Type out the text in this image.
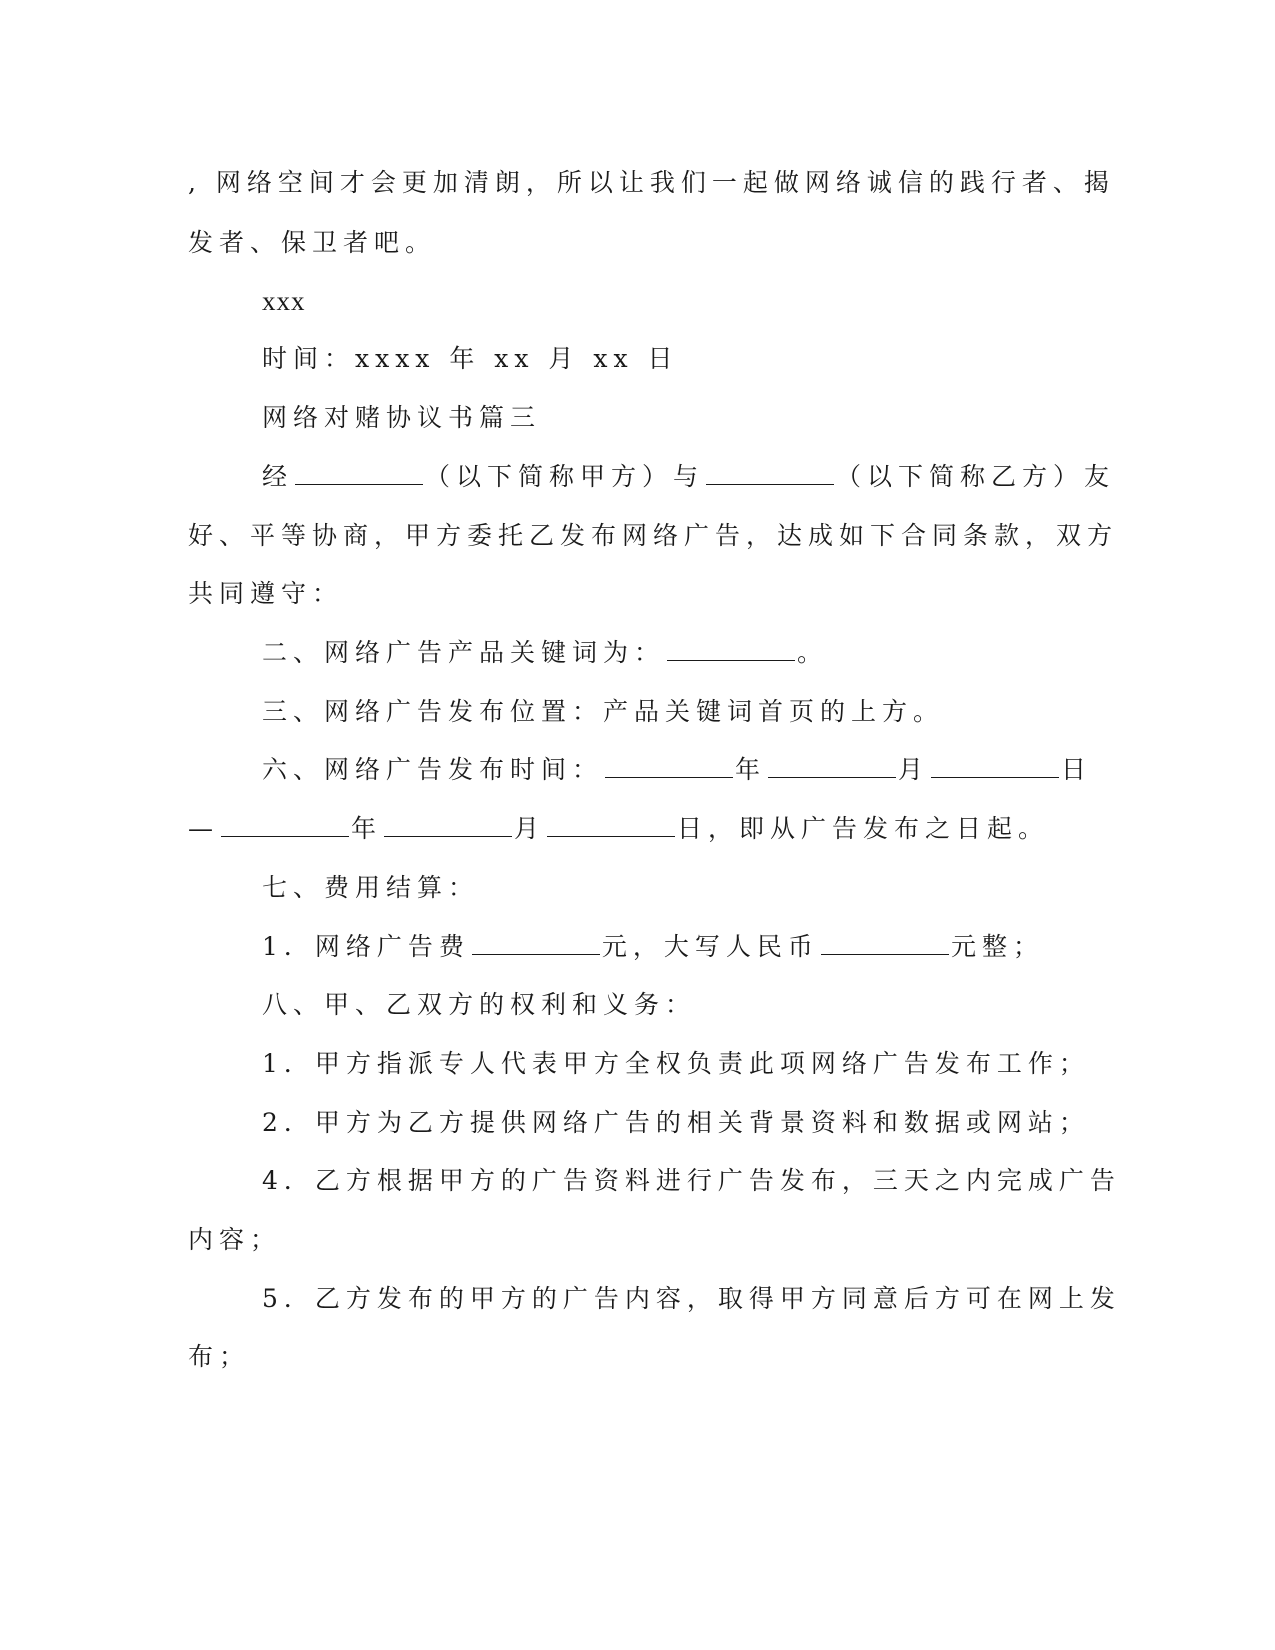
, 网络空间才会更加清朗，所以让我们一起做网络诚信的践行者、揭
发者、保卫者吧。
xxx
时间：xxxx 年 xx 月 xx 日
网络对赌协议书篇三
经	（以下简称甲方）与	（以下简称乙方）友
好、平等协商，甲方委托乙发布网络广告，达成如下合同条款，双方
共同遵守：
二、网络广告产品关键词为：	。
三、网络广告发布位置：产品关键词首页的上方。
六、网络广告发布时间：	年	月	日
—	年	月	日，即从广告发布之日起。
七、费用结算：
1．网络广告费	元，大写人民币	元整；
八、甲、乙双方的权利和义务：
1．甲方指派专人代表甲方全权负责此项网络广告发布工作；
2．甲方为乙方提供网络广告的相关背景资料和数据或网站；
4．乙方根据甲方的广告资料进行广告发布，三天之内完成广告
内容；
5．乙方发布的甲方的广告内容，取得甲方同意后方可在网上发
布；
